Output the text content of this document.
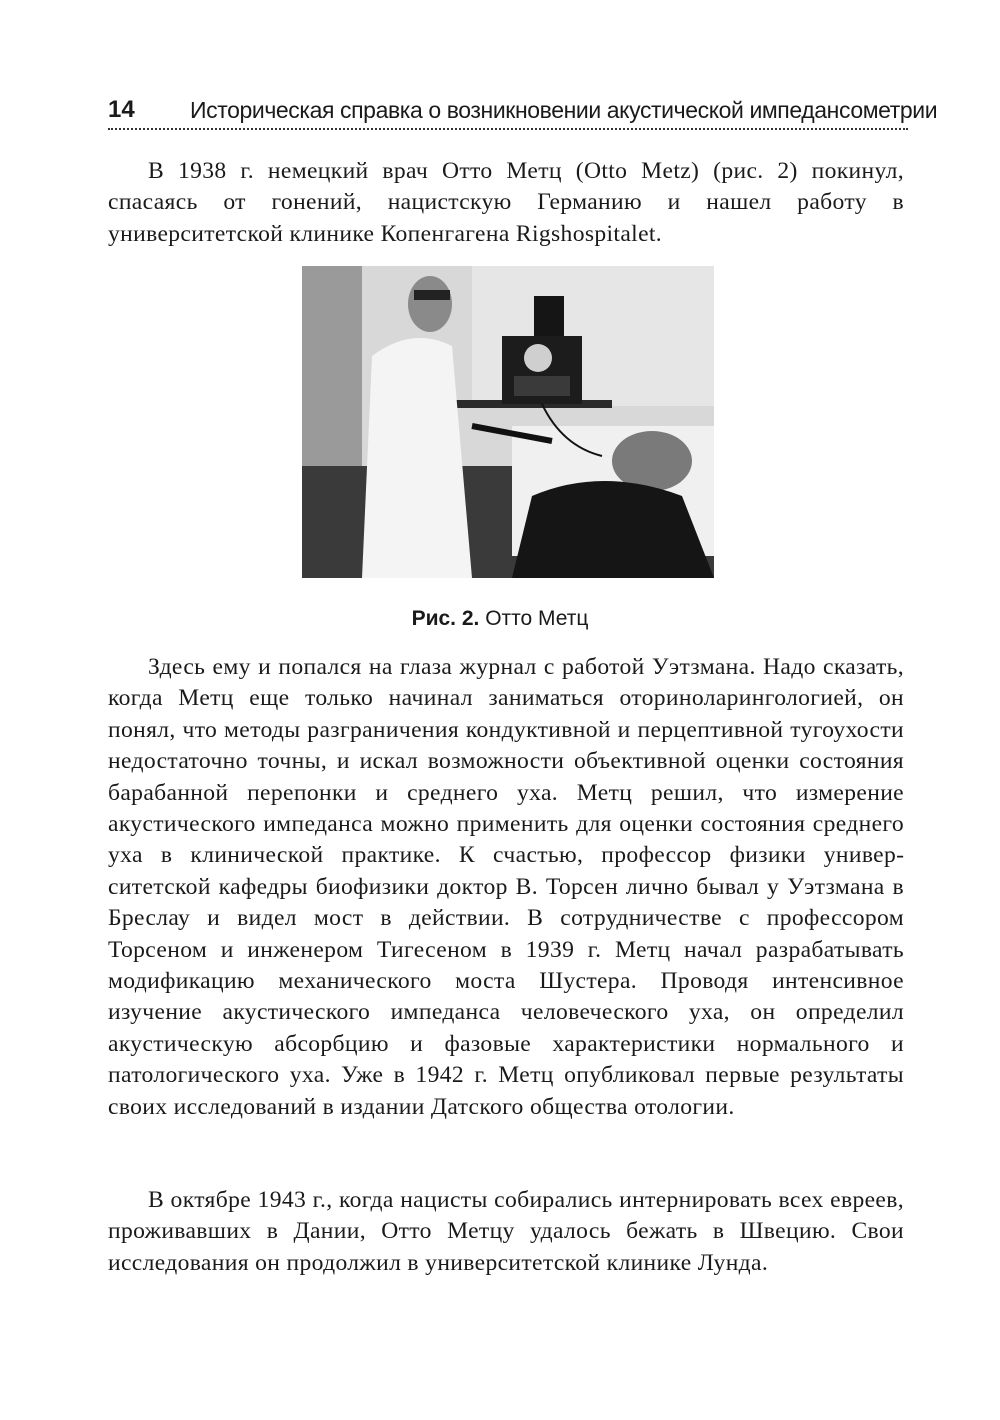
14 Историческая справка о возникновении акустической импедансометрии

В 1938 г. немецкий врач Отто Метц (Otto Metz) (рис. 2) покинул, спасаясь от гонений, нацистскую Германию и нашел работу в университетской клинике Копенгагена Rigshospitalet.

Рис. 2. Отто Метц

Здесь ему и попался на глаза журнал с работой Уэтзмана. Надо сказать, когда Метц еще только начинал заниматься оториноларингологией, он понял, что методы разграничения кондуктивной и перцептивной тугоухости недостаточно точны, и искал возможности объективной оценки состояния барабанной перепонки и среднего уха. Метц решил, что измерение акустического импеданса можно применить для оценки состояния среднего уха в клинической практике. К счастью, профессор физики университетской кафедры биофизики доктор В. Торсен лично бывал у Уэтзмана в Бреслау и видел мост в действии. В сотрудничестве с профессором Торсеном и инженером Тигесеном в 1939 г. Метц начал разрабатывать модификацию механического моста Шустера. Проводя интенсивное изучение акустического импеданса человеческого уха, он определил акустическую абсорбцию и фазовые характеристики нормального и патологического уха. Уже в 1942 г. Метц опубликовал первые результаты своих исследований в издании Датского общества отологии.

В октябре 1943 г., когда нацисты собирались интернировать всех евреев, проживавших в Дании, Отто Метцу удалось бежать в Швецию. Свои исследования он продолжил в университетской клинике Лунда.
